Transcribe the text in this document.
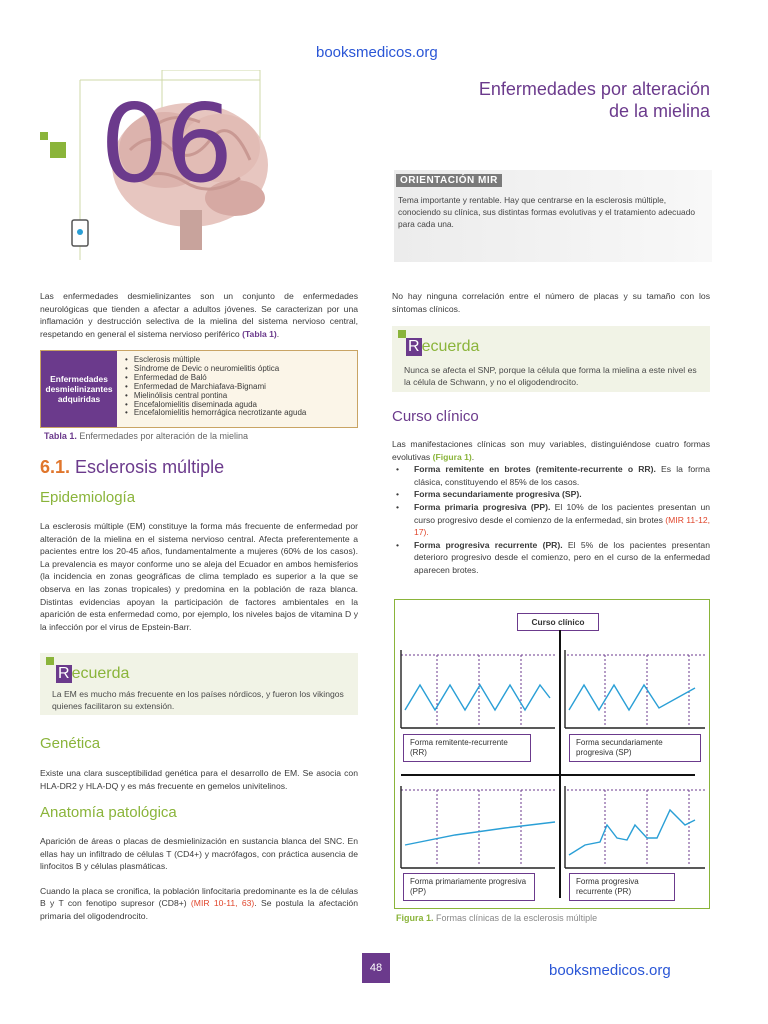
booksmedicos.org
06	Enfermedades por alteración
de la mielina
ORIENTACIÓN MIR
Tema importante y rentable. Hay que centrarse en la esclerosis múltiple, conociendo su clínica, sus distintas formas evolutivas y el tratamiento adecuado para cada una.

Las enfermedades desmielinizantes son un conjunto de enfermedades neurológicas que tienden a afectar a adultos jóvenes. Se caracterizan por una inflamación y destrucción selectiva de la mielina del sistema nervioso central, respetando en general el sistema nervioso periférico (Tabla 1).

Enfermedades desmielinizantes adquiridas
• Esclerosis múltiple
• Síndrome de Devic o neuromielitis óptica
• Enfermedad de Baló
• Enfermedad de Marchiafava-Bignami
• Mielinólisis central pontina
• Encefalomielitis diseminada aguda
• Encefalomielitis hemorrágica necrotizante aguda
Tabla 1. Enfermedades por alteración de la mielina
6.1. Esclerosis múltiple
Epidemiología

La esclerosis múltiple (EM) constituye la forma más frecuente de enfermedad por alteración de la mielina en el sistema nervioso central. Afecta preferentemente a pacientes entre los 20-45 años, fundamentalmente a mujeres (60% de los casos). La prevalencia es mayor conforme uno se aleja del Ecuador en ambos hemisferios (la incidencia en zonas geográficas de clima templado es superior a la que se observa en las zonas tropicales) y predomina en la población de raza blanca. Distintas evidencias apoyan la participación de factores ambientales en la aparición de esta enfermedad como, por ejemplo, los niveles bajos de vitamina D y la infección por el virus de Epstein-Barr.

R ecuerda
La EM es mucho más frecuente en los países nórdicos, y fueron los vikingos quienes facilitaron su extensión.
Genética

Existe una clara susceptibilidad genética para el desarrollo de EM. Se asocia con HLA-DR2 y HLA-DQ y es más frecuente en gemelos univitelinos.

Anatomía patológica

Aparición de áreas o placas de desmielinización en sustancia blanca del SNC. En ellas hay un infiltrado de células T (CD4+) y macrófagos, con práctica ausencia de linfocitos B y células plasmáticas.

Cuando la placa se cronifica, la población linfocitaria predominante es la de células B y T con fenotipo supresor (CD8+) (MIR 10-11, 63). Se postula la afectación primaria del oligodendrocito.

No hay ninguna correlación entre el número de placas y su tamaño con los síntomas clínicos.

R ecuerda
Nunca se afecta el SNP, porque la célula que forma la mielina a este nivel es la célula de Schwann, y no el oligodendrocito.
Curso clínico

Las manifestaciones clínicas son muy variables, distinguiéndose cuatro formas evolutivas (Figura 1).

• Forma remitente en brotes (remitente-recurrente o RR). Es la forma clásica, constituyendo el 85% de los casos.
• Forma secundariamente progresiva (SP).
• Forma primaria progresiva (PP). El 10% de los pacientes presentan un curso progresivo desde el comienzo de la enfermedad, sin brotes (MIR 11-12, 17).
• Forma progresiva recurrente (PR). El 5% de los pacientes presentan deterioro progresivo desde el comienzo, pero en el curso de la enfermedad aparecen brotes.
Curso clínico
Forma remitente-recurrente (RR)
Forma secundariamente progresiva (SP)
Forma primariamente progresiva (PP)
Forma progresiva recurrente (PR)
Figura 1. Formas clínicas de la esclerosis múltiple
48	booksmedicos.org
